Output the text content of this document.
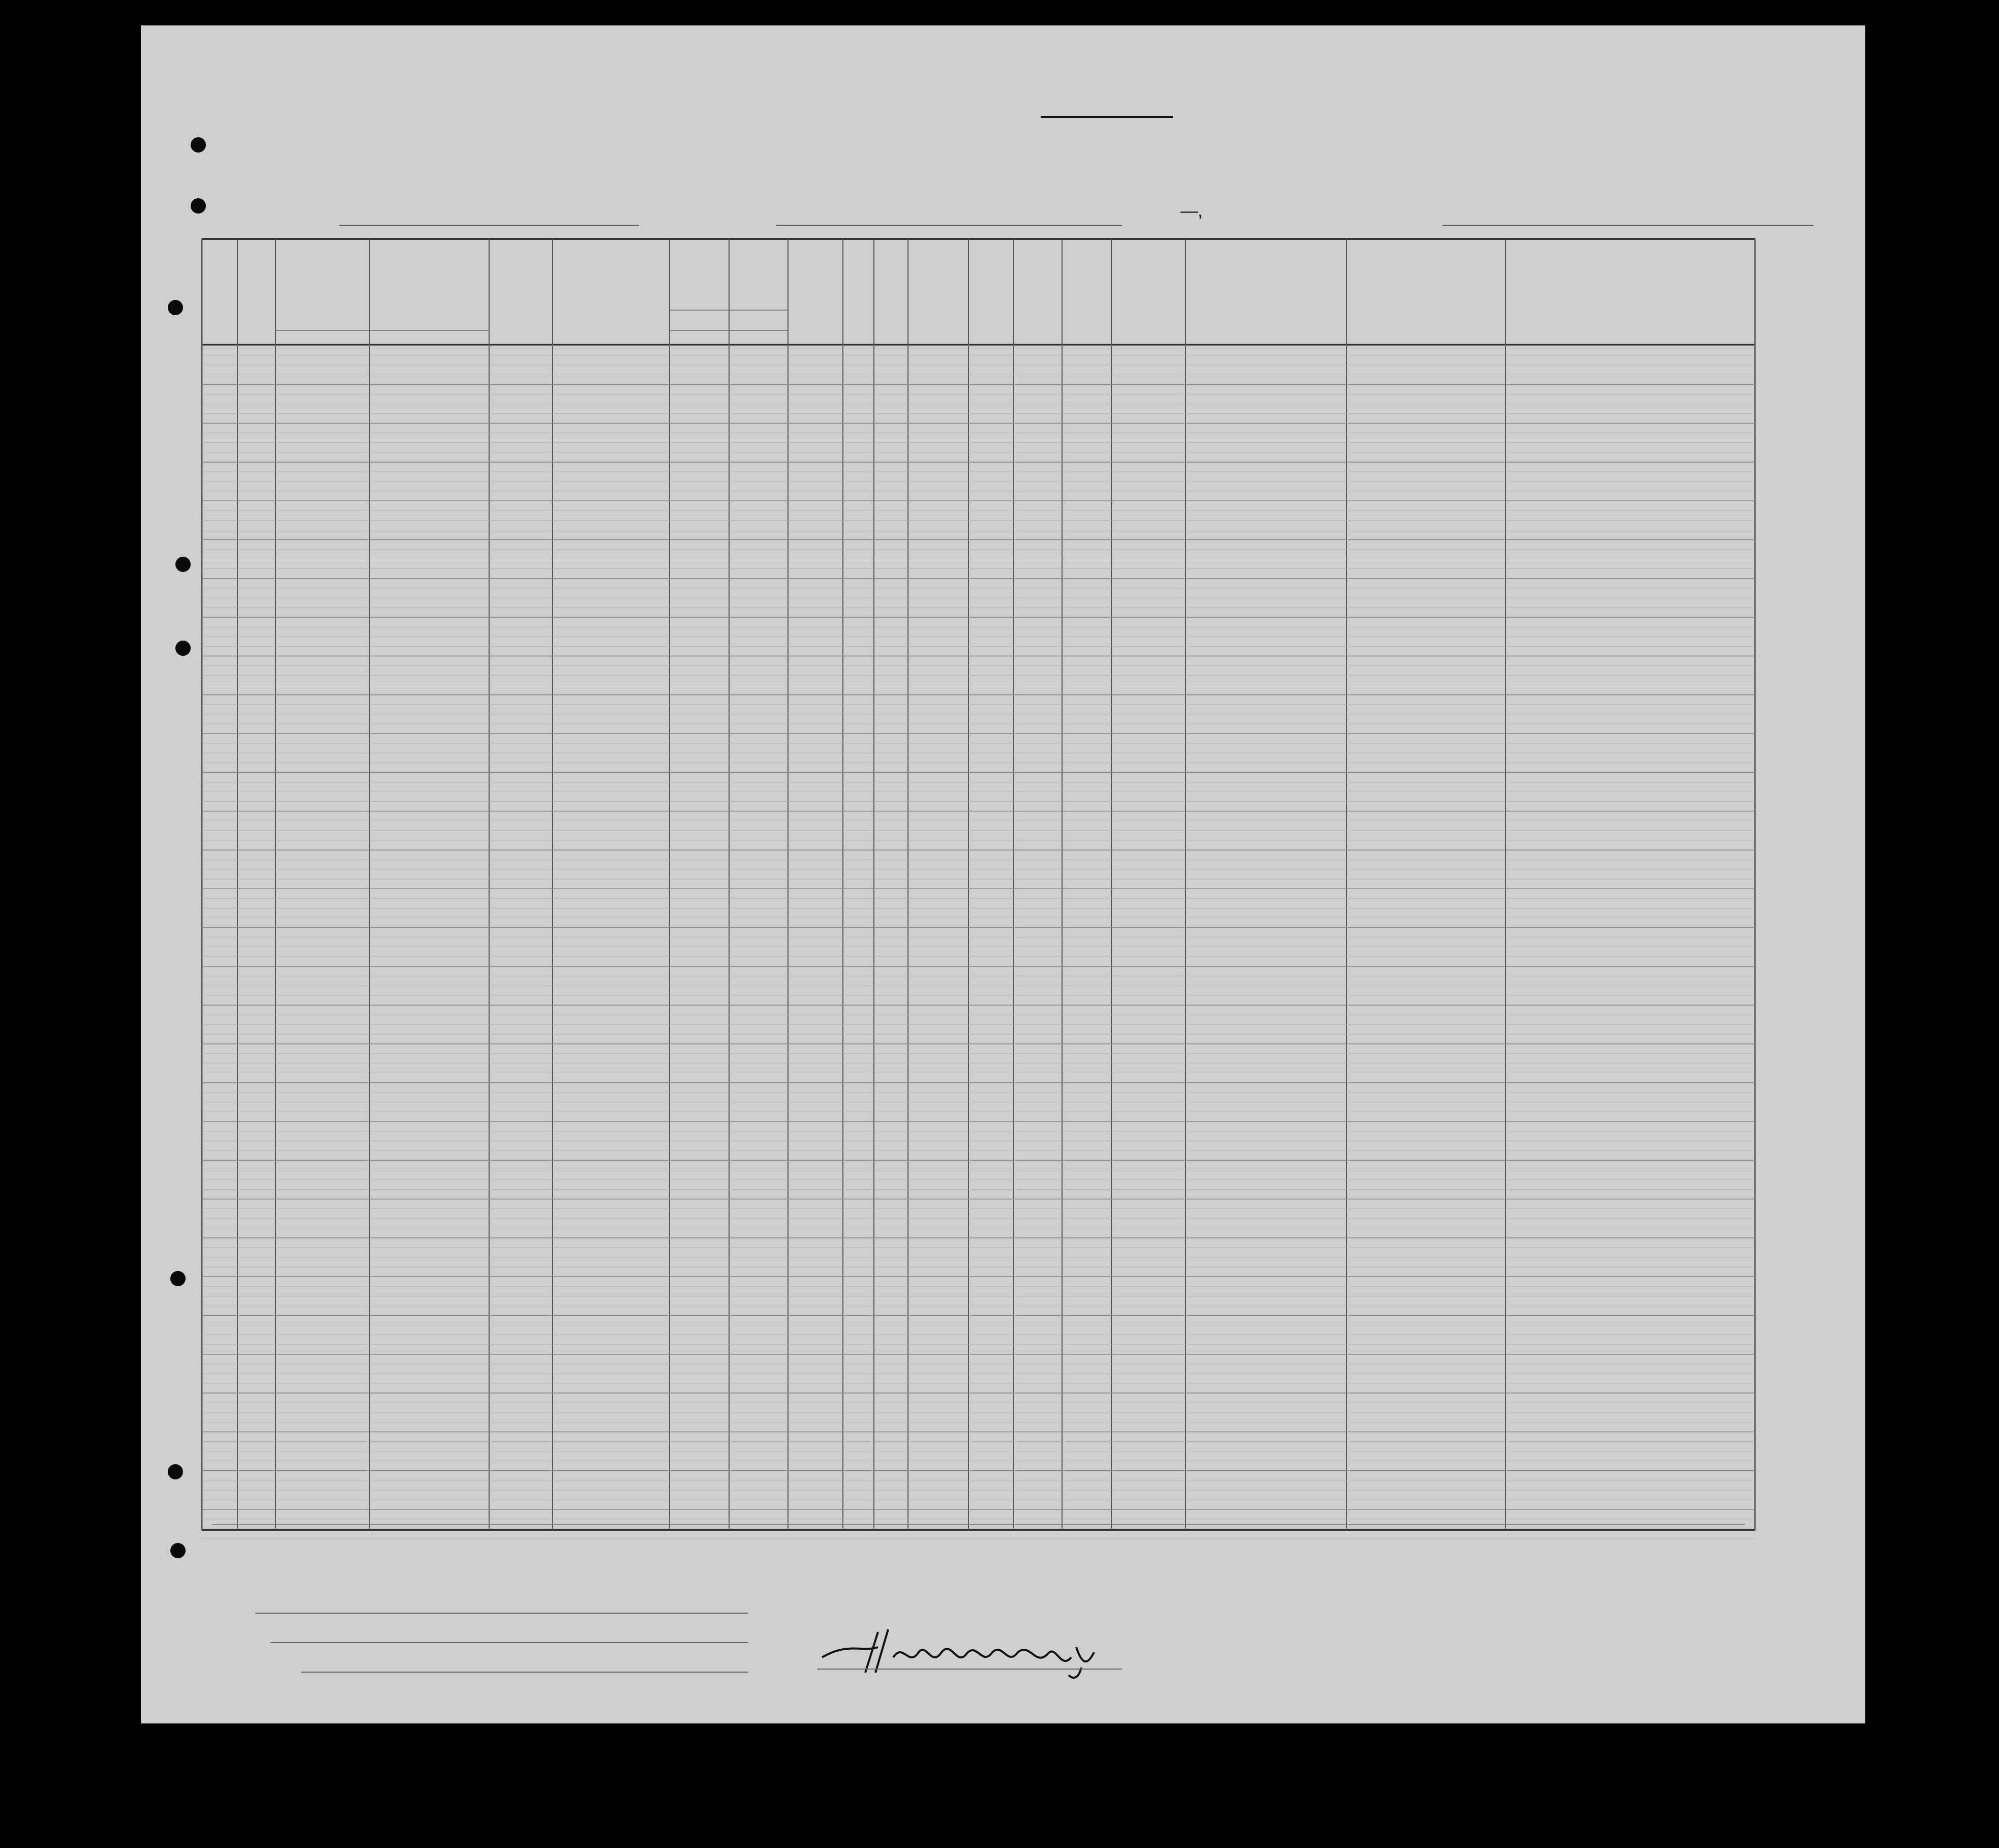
—,
